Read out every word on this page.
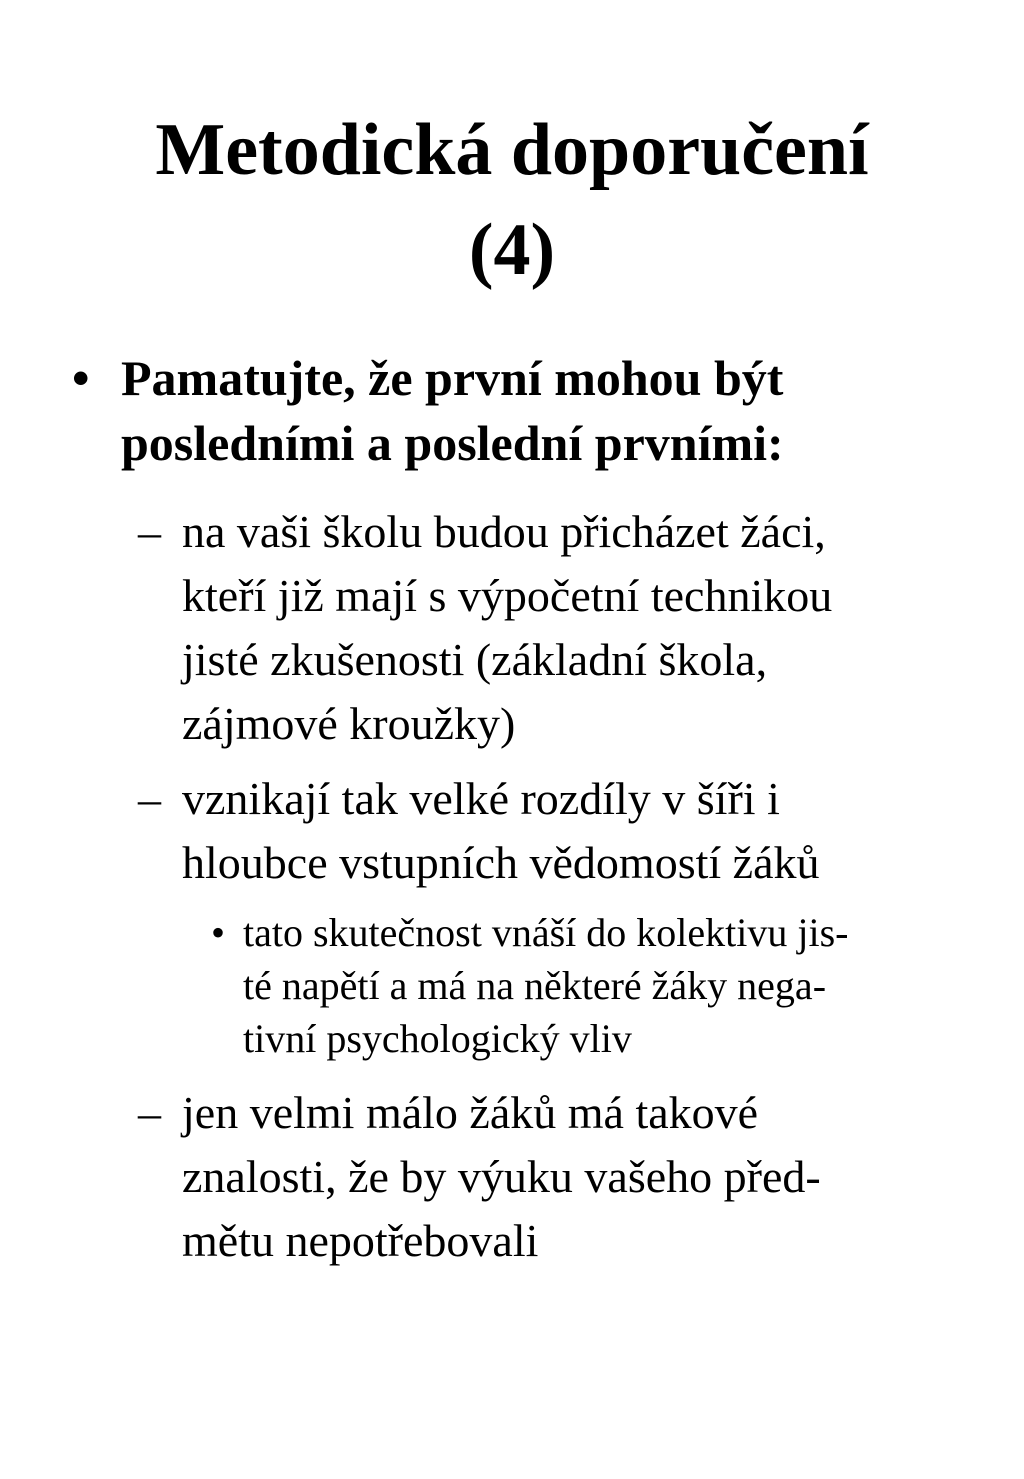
Metodická doporučení
(4)
• Pamatujte, že první mohou být
posledními a poslední prvními:
– na vaši školu budou přicházet žáci,
kteří již mají s výpočetní technikou
jisté zkušenosti (základní škola,
zájmové kroužky)
– vznikají tak velké rozdíly v šíři i
hloubce vstupních vědomostí žáků
• tato skutečnost vnáší do kolektivu jis-
té napětí a má na některé žáky nega-
tivní psychologický vliv
– jen velmi málo žáků má takové
znalosti, že by výuku vašeho před-
mětu nepotřebovali
